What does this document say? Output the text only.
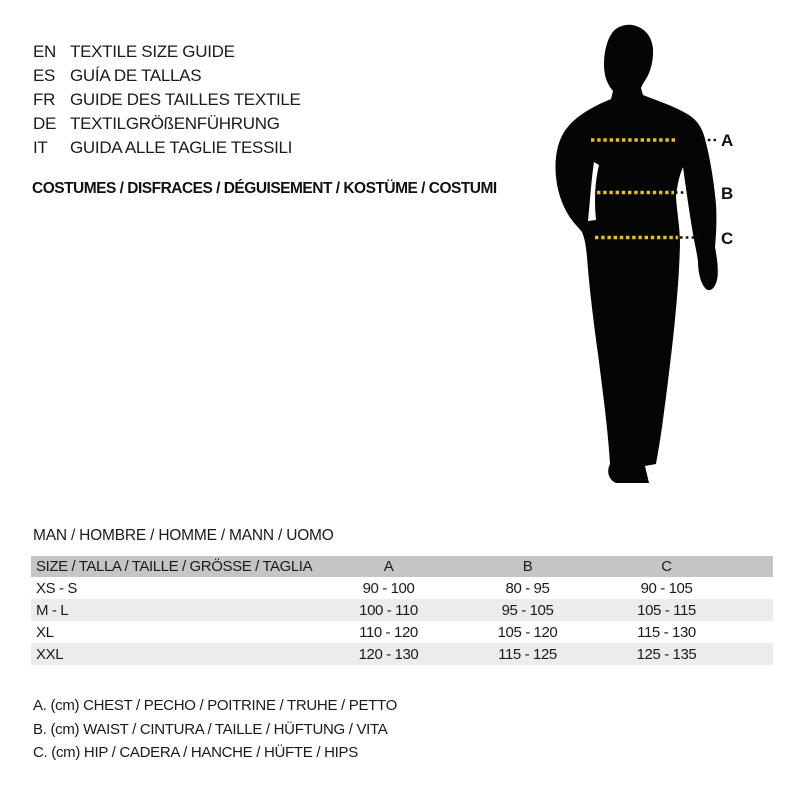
EN TEXTILE SIZE GUIDE
ES GUÍA DE TALLAS
FR GUIDE DES TAILLES TEXTILE
DE TEXTILGRÖßENFÜHRUNG
IT	GUIDA ALLE TAGLIE TESSILI
COSTUMES / DISFRACES / DÉGUISEMENT / KOSTÜME / COSTUMI
A
B
C
MAN / HOMBRE / HOMME / MANN / UOMO
SIZE / TALLA / TAILLE / GRÖSSE / TAGLIA	A	B	C
XS - S	90 - 100	80 - 95	90 - 105
M - L	100 - 110	95 - 105	105 - 115
XL	110 - 120	105 - 120	115 - 130
XXL	120 - 130	115 - 125	125 - 135
A. (cm) CHEST / PECHO / POITRINE / TRUHE / PETTO
B. (cm) WAIST / CINTURA / TAILLE / HÜFTUNG / VITA
C. (cm) HIP / CADERA / HANCHE / HÜFTE / HIPS
